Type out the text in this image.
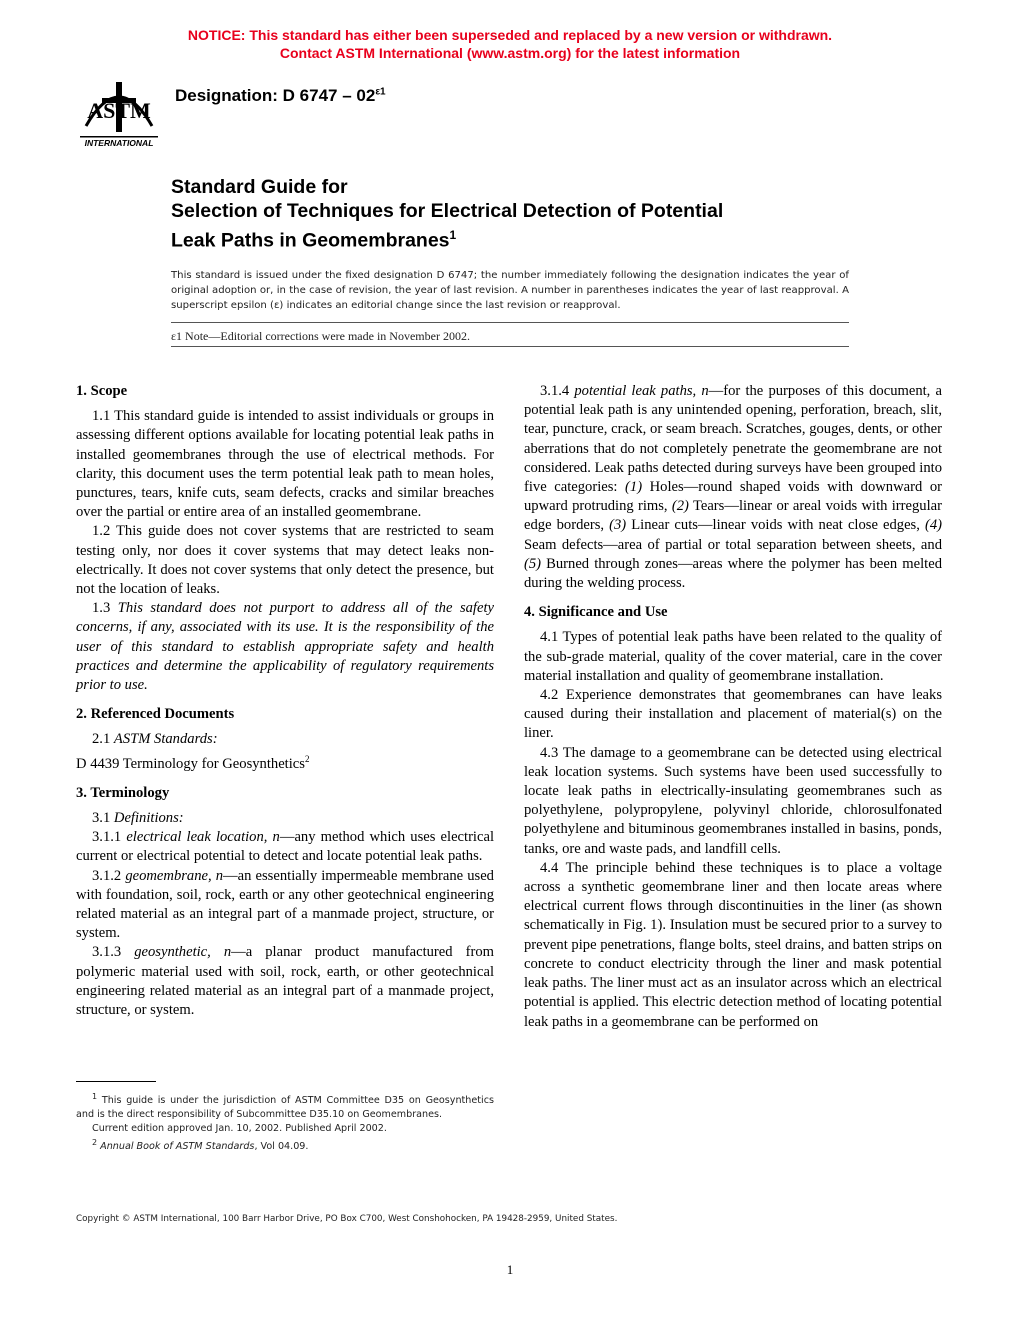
NOTICE: This standard has either been superseded and replaced by a new version or withdrawn.
Contact ASTM International (www.astm.org) for the latest information
ASTM
INTERNATIONAL
Designation: D $6747 - 02^{\varepsilon 1}$
Standard Guide for
Selection of Techniques for Electrical Detection of Potential
Leak Paths in Geomembranes$^1$
This standard is issued under the fixed designation D 6747; the number immediately following the designation indicates the year of original adoption or, in the case of revision, the year of last revision. A number in parentheses indicates the year of last reapproval. A superscript epsilon (ε) indicates an editorial change since the last revision or reapproval.
ε1 Note—Editorial corrections were made in November 2002.
1. Scope

1.1 This standard guide is intended to assist individuals or groups in assessing different options available for locating potential leak paths in installed geomembranes through the use of electrical methods. For clarity, this document uses the term potential leak path to mean holes, punctures, tears, knife cuts, seam defects, cracks and similar breaches over the partial or entire area of an installed geomembrane.

1.2 This guide does not cover systems that are restricted to seam testing only, nor does it cover systems that may detect leaks non-electrically. It does not cover systems that only detect the presence, but not the location of leaks.

1.3 This standard does not purport to address all of the safety concerns, if any, associated with its use. It is the responsibility of the user of this standard to establish appropriate safety and health practices and determine the applicability of regulatory requirements prior to use.

2. Referenced Documents

2.1 ASTM Standards:

D 4439 Terminology for Geosynthetics$^2$

3. Terminology

3.1 Definitions:

3.1.1 electrical leak location, n—any method which uses electrical current or electrical potential to detect and locate potential leak paths.

3.1.2 geomembrane, n—an essentially impermeable membrane used with foundation, soil, rock, earth or any other geotechnical engineering related material as an integral part of a manmade project, structure, or system.

3.1.3 geosynthetic, n—a planar product manufactured from polymeric material used with soil, rock, earth, or other geotechnical engineering related material as an integral part of a manmade project, structure, or system.

$^1$ This guide is under the jurisdiction of ASTM Committee D35 on Geosynthetics and is the direct responsibility of Subcommittee D35.10 on Geomembranes.

Current edition approved Jan. 10, 2002. Published April 2002.

$^2$ Annual Book of ASTM Standards, Vol 04.09.

3.1.4 potential leak paths, n—for the purposes of this document, a potential leak path is any unintended opening, perforation, breach, slit, tear, puncture, crack, or seam breach. Scratches, gouges, dents, or other aberrations that do not completely penetrate the geomembrane are not considered. Leak paths detected during surveys have been grouped into five categories: (1) Holes—round shaped voids with downward or upward protruding rims, (2) Tears—linear or areal voids with irregular edge borders, (3) Linear cuts—linear voids with neat close edges, (4) Seam defects—area of partial or total separation between sheets, and (5) Burned through zones—areas where the polymer has been melted during the welding process.

4. Significance and Use

4.1 Types of potential leak paths have been related to the quality of the sub-grade material, quality of the cover material, care in the cover material installation and quality of geomembrane installation.

4.2 Experience demonstrates that geomembranes can have leaks caused during their installation and placement of material(s) on the liner.

4.3 The damage to a geomembrane can be detected using electrical leak location systems. Such systems have been used successfully to locate leak paths in electrically-insulating geomembranes such as polyethylene, polypropylene, polyvinyl chloride, chlorosulfonated polyethylene and bituminous geomembranes installed in basins, ponds, tanks, ore and waste pads, and landfill cells.

4.4 The principle behind these techniques is to place a voltage across a synthetic geomembrane liner and then locate areas where electrical current flows through discontinuities in the liner (as shown schematically in Fig. 1). Insulation must be secured prior to a survey to prevent pipe penetrations, flange bolts, steel drains, and batten strips on concrete to conduct electricity through the liner and mask potential leak paths. The liner must act as an insulator across which an electrical potential is applied. This electric detection method of locating potential leak paths in a geomembrane can be performed on

Copyright © ASTM International, 100 Barr Harbor Drive, PO Box C700, West Conshohocken, PA 19428-2959, United States.
1
